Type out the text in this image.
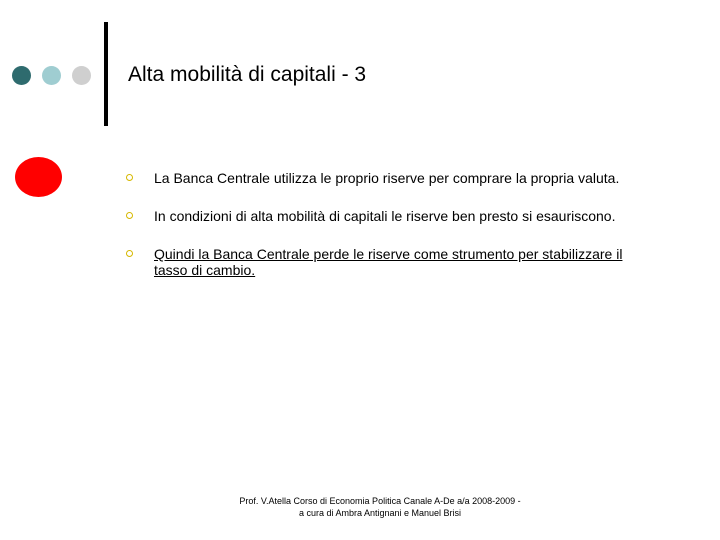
Alta mobilità di capitali - 3
La Banca Centrale utilizza le proprio riserve per comprare la propria valuta.
In condizioni di alta mobilità di capitali le riserve ben presto si esauriscono.
Quindi la Banca Centrale perde le riserve come strumento per stabilizzare il tasso di cambio.
Prof. V.Atella Corso di Economia Politica Canale A-De a/a 2008-2009 -
a cura di Ambra Antignani e Manuel Brisi
